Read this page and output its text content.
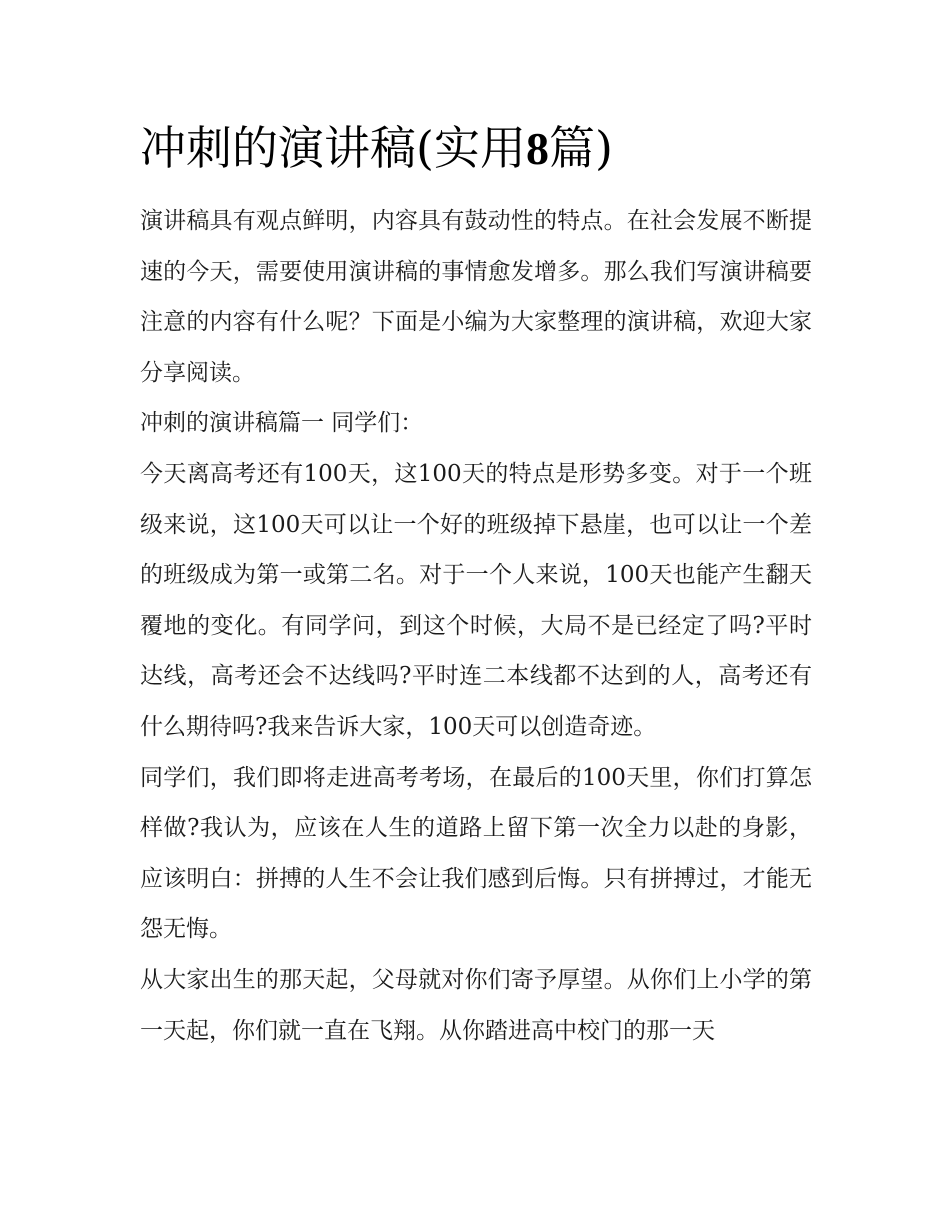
冲刺的演讲稿(实用8篇)

演讲稿具有观点鲜明，内容具有鼓动性的特点。在社会发展不断提速的今天，需要使用演讲稿的事情愈发增多。那么我们写演讲稿要注意的内容有什么呢？下面是小编为大家整理的演讲稿，欢迎大家分享阅读。

冲刺的演讲稿篇一 同学们：

今天离高考还有100天，这100天的特点是形势多变。对于一个班级来说，这100天可以让一个好的班级掉下悬崖，也可以让一个差的班级成为第一或第二名。对于一个人来说，100天也能产生翻天覆地的变化。有同学问，到这个时候，大局不是已经定了吗?平时达线，高考还会不达线吗?平时连二本线都不达到的人，高考还有什么期待吗?我来告诉大家，100天可以创造奇迹。

同学们，我们即将走进高考考场，在最后的100天里，你们打算怎样做?我认为，应该在人生的道路上留下第一次全力以赴的身影，应该明白：拼搏的人生不会让我们感到后悔。只有拼搏过，才能无怨无悔。

从大家出生的那天起，父母就对你们寄予厚望。从你们上小学的第一天起，你们就一直在飞翔。从你踏进高中校门的那一天
